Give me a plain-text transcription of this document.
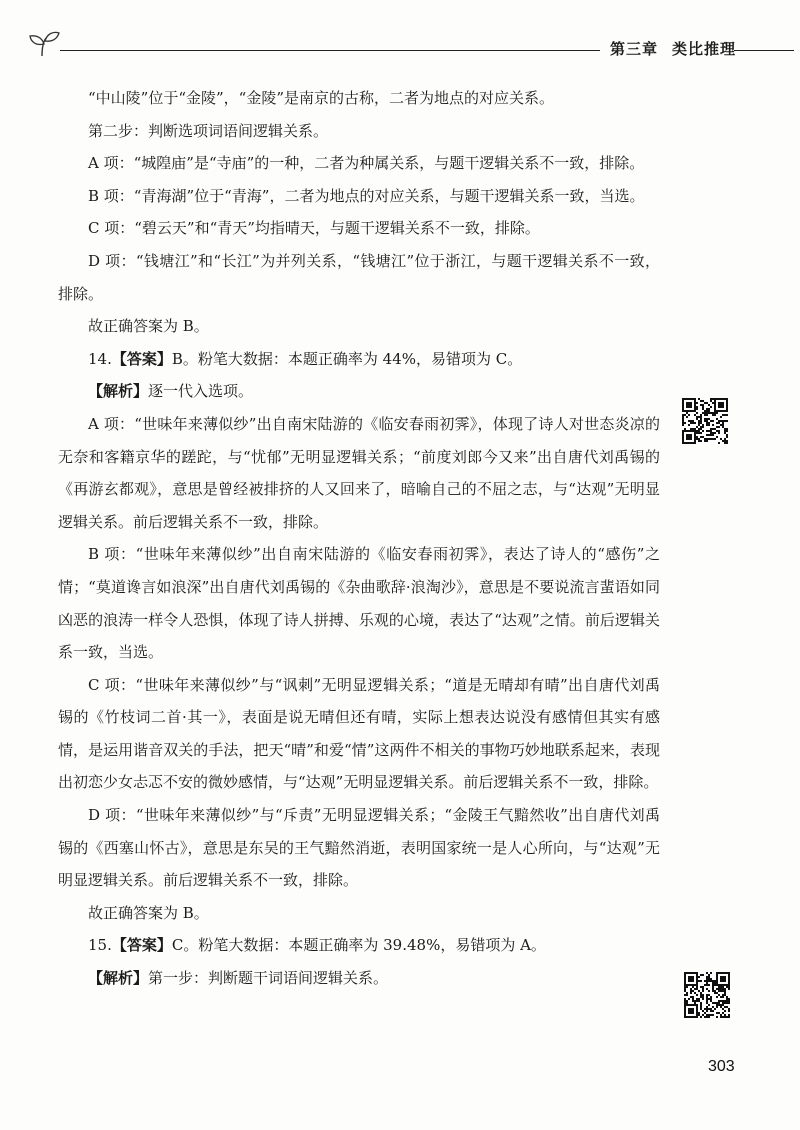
第三章 类比推理

“中山陵”位于“金陵”，“金陵”是南京的古称，二者为地点的对应关系。

第二步：判断选项词语间逻辑关系。

A 项：“城隍庙”是“寺庙”的一种，二者为种属关系，与题干逻辑关系不一致，排除。

B 项：“青海湖”位于“青海”，二者为地点的对应关系，与题干逻辑关系一致，当选。

C 项：“碧云天”和“青天”均指晴天，与题干逻辑关系不一致，排除。

D 项：“钱塘江”和“长江”为并列关系，“钱塘江”位于浙江，与题干逻辑关系不一致，排除。

故正确答案为 B。

14.【答案】B。粉笔大数据：本题正确率为 44%，易错项为 C。

【解析】逐一代入选项。

A 项：“世味年来薄似纱”出自南宋陆游的《临安春雨初霁》，体现了诗人对世态炎凉的无奈和客籍京华的蹉跎，与“忧郁”无明显逻辑关系；“前度刘郎今又来”出自唐代刘禹锡的《再游玄都观》，意思是曾经被排挤的人又回来了，暗喻自己的不屈之志，与“达观”无明显逻辑关系。前后逻辑关系不一致，排除。

B 项：“世味年来薄似纱”出自南宋陆游的《临安春雨初霁》，表达了诗人的“感伤”之情；“莫道谗言如浪深”出自唐代刘禹锡的《杂曲歌辞·浪淘沙》，意思是不要说流言蜚语如同凶恶的浪涛一样令人恐惧，体现了诗人拼搏、乐观的心境，表达了“达观”之情。前后逻辑关系一致，当选。

C 项：“世味年来薄似纱”与“讽刺”无明显逻辑关系；“道是无晴却有晴”出自唐代刘禹锡的《竹枝词二首·其一》，表面是说无晴但还有晴，实际上想表达说没有感情但其实有感情，是运用谐音双关的手法，把天“晴”和爱“情”这两件不相关的事物巧妙地联系起来，表现出初恋少女忐忑不安的微妙感情，与“达观”无明显逻辑关系。前后逻辑关系不一致，排除。

D 项：“世味年来薄似纱”与“斥责”无明显逻辑关系；“金陵王气黯然收”出自唐代刘禹锡的《西塞山怀古》，意思是东吴的王气黯然消逝，表明国家统一是人心所向，与“达观”无明显逻辑关系。前后逻辑关系不一致，排除。

故正确答案为 B。

15.【答案】C。粉笔大数据：本题正确率为 39.48%，易错项为 A。

【解析】第一步：判断题干词语间逻辑关系。

303
